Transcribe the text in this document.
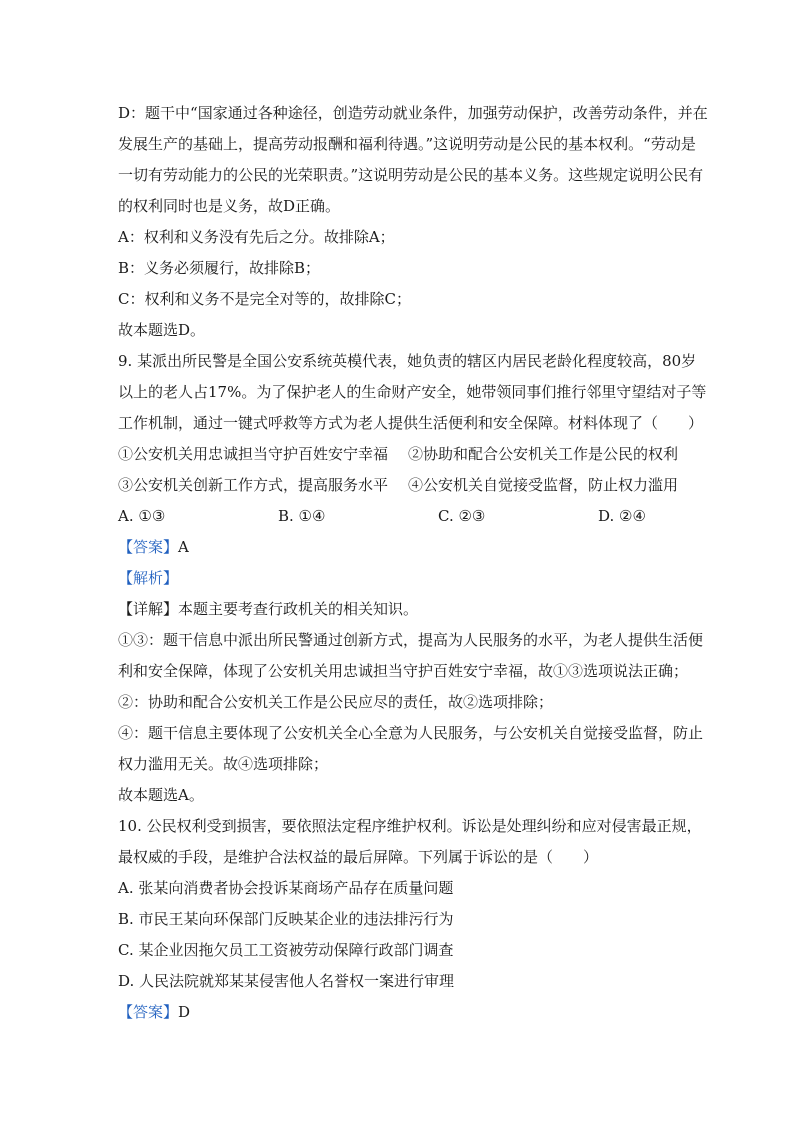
D：题干中“国家通过各种途径，创造劳动就业条件，加强劳动保护，改善劳动条件，并在

发展生产的基础上，提高劳动报酬和福利待遇。”这说明劳动是公民的基本权利。“劳动是

一切有劳动能力的公民的光荣职责。”这说明劳动是公民的基本义务。这些规定说明公民有

的权利同时也是义务，故D正确。

A：权利和义务没有先后之分。故排除A；

B：义务必须履行，故排除B；

C：权利和义务不是完全对等的，故排除C；

故本题选D。

9. 某派出所民警是全国公安系统英模代表，她负责的辖区内居民老龄化程度较高，80岁

以上的老人占17%。为了保护老人的生命财产安全，她带领同事们推行邻里守望结对子等

工作机制，通过一键式呼救等方式为老人提供生活便利和安全保障。材料体现了（　　）

①公安机关用忠诚担当守护百姓安宁幸福 ②协助和配合公安机关工作是公民的权利
③公安机关创新工作方式，提高服务水平 ④公安机关自觉接受监督，防止权力滥用
A. ①③	B. ①④	C. ②③	D. ②④

【答案】A

【解析】

【详解】本题主要考查行政机关的相关知识。

①③：题干信息中派出所民警通过创新方式，提高为人民服务的水平，为老人提供生活便

利和安全保障，体现了公安机关用忠诚担当守护百姓安宁幸福，故①③选项说法正确；

②：协助和配合公安机关工作是公民应尽的责任，故②选项排除；

④：题干信息主要体现了公安机关全心全意为人民服务，与公安机关自觉接受监督，防止

权力滥用无关。故④选项排除；

故本题选A。

10. 公民权利受到损害，要依照法定程序维护权利。诉讼是处理纠纷和应对侵害最正规，

最权威的手段，是维护合法权益的最后屏障。下列属于诉讼的是（　　）

A. 张某向消费者协会投诉某商场产品存在质量问题

B. 市民王某向环保部门反映某企业的违法排污行为

C. 某企业因拖欠员工工资被劳动保障行政部门调查

D. 人民法院就郑某某侵害他人名誉权一案进行审理

【答案】D
